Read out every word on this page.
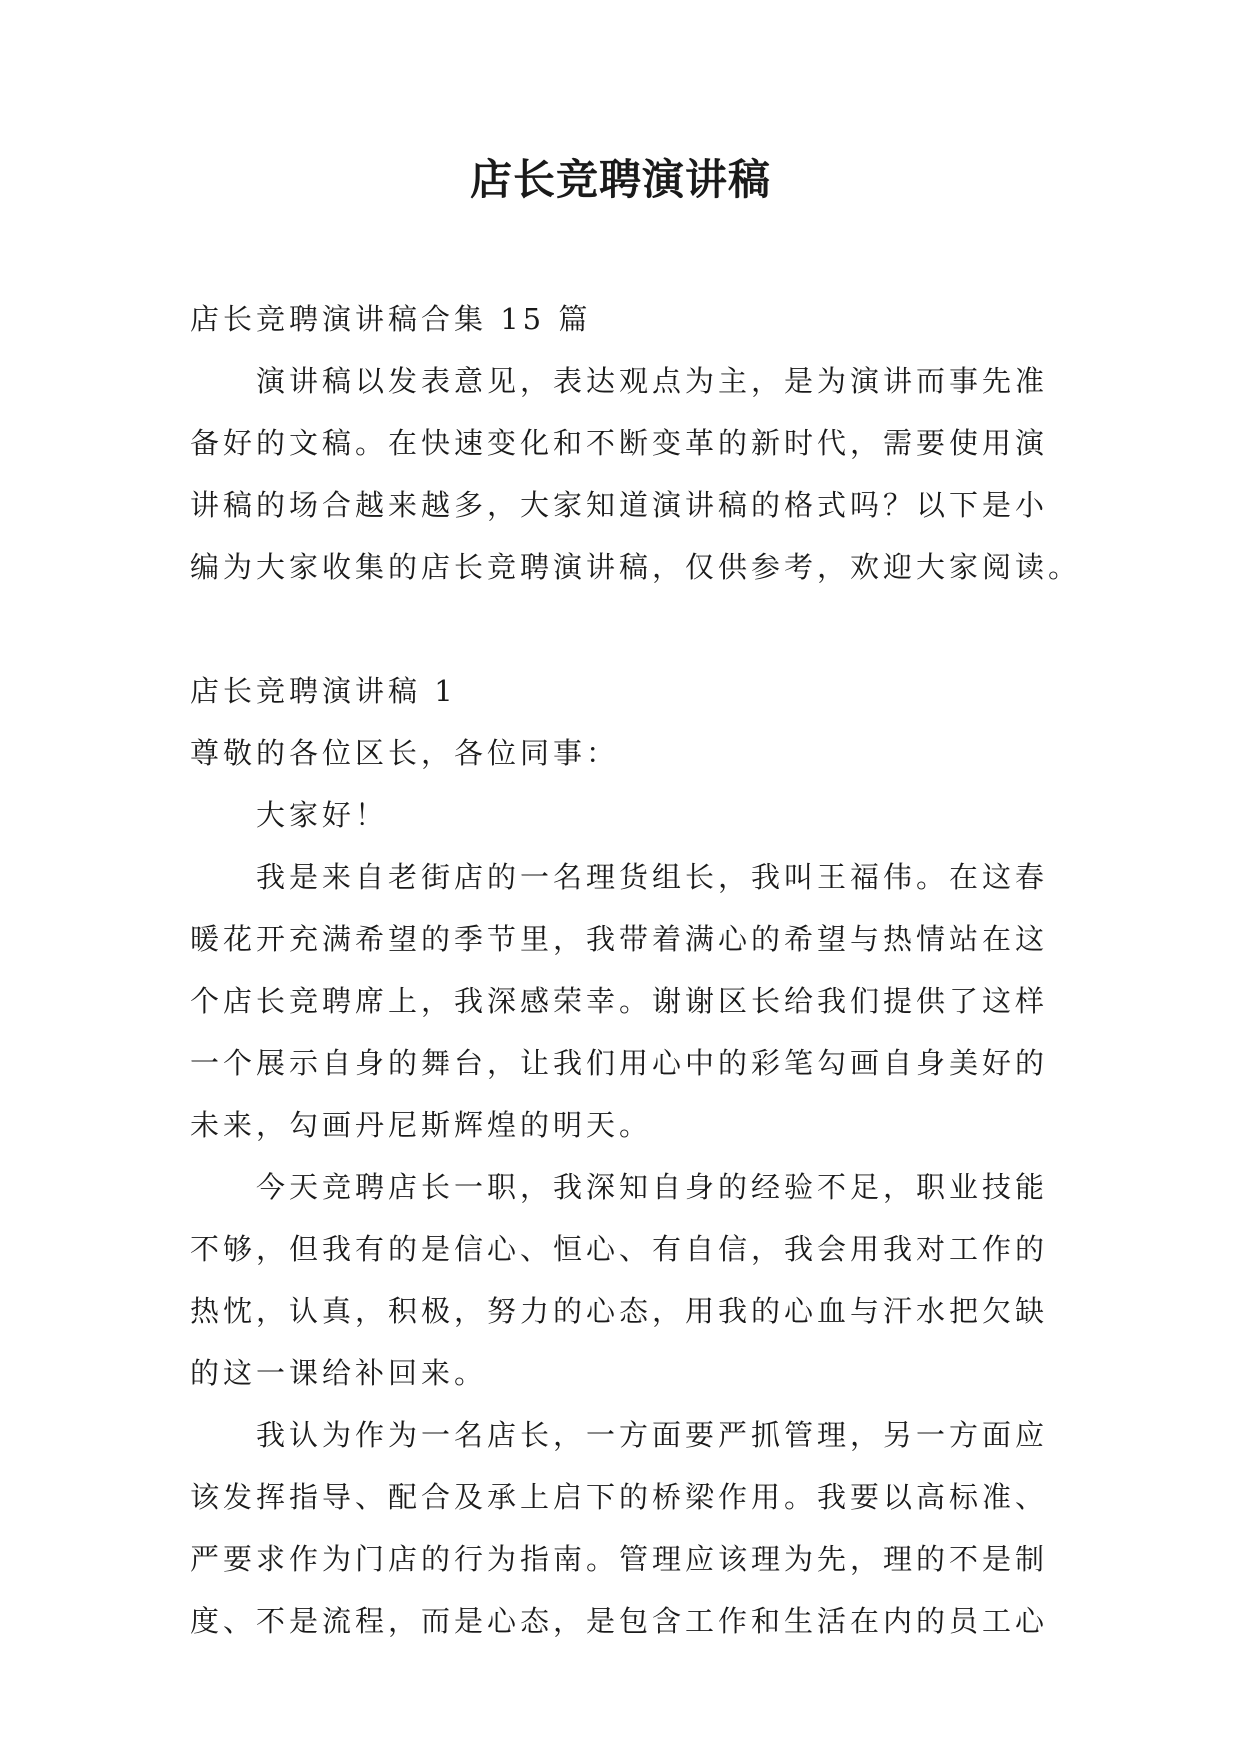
店长竞聘演讲稿
店长竞聘演讲稿合集 15 篇
演讲稿以发表意见，表达观点为主，是为演讲而事先准
备好的文稿。在快速变化和不断变革的新时代，需要使用演
讲稿的场合越来越多，大家知道演讲稿的格式吗？以下是小
编为大家收集的店长竞聘演讲稿，仅供参考，欢迎大家阅读。
店长竞聘演讲稿 1
尊敬的各位区长，各位同事：
大家好！
我是来自老街店的一名理货组长，我叫王福伟。在这春
暖花开充满希望的季节里，我带着满心的希望与热情站在这
个店长竞聘席上，我深感荣幸。谢谢区长给我们提供了这样
一个展示自身的舞台，让我们用心中的彩笔勾画自身美好的
未来，勾画丹尼斯辉煌的明天。
今天竞聘店长一职，我深知自身的经验不足，职业技能
不够，但我有的是信心、恒心、有自信，我会用我对工作的
热忱，认真，积极，努力的心态，用我的心血与汗水把欠缺
的这一课给补回来。
我认为作为一名店长，一方面要严抓管理，另一方面应
该发挥指导、配合及承上启下的桥梁作用。我要以高标准、
严要求作为门店的行为指南。管理应该理为先，理的不是制
度、不是流程，而是心态，是包含工作和生活在内的员工心
